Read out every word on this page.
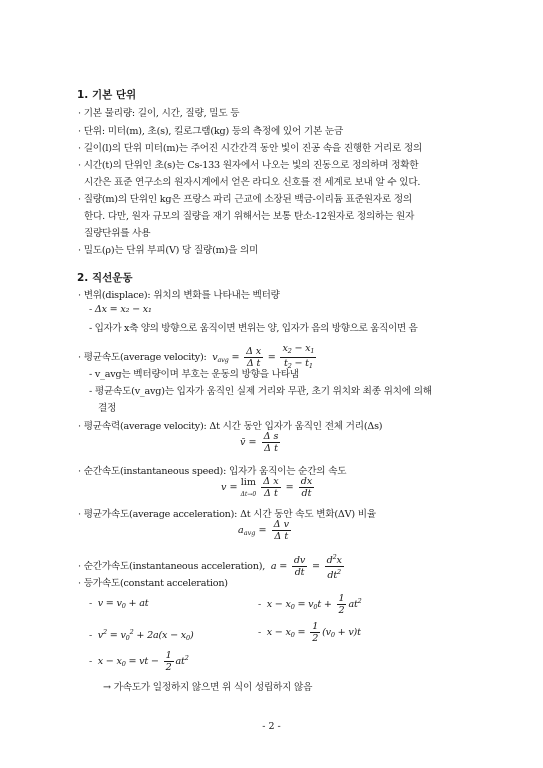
1. 기본 단위
· 기본 물리량: 길이, 시간, 질량, 밀도 등
· 단위: 미터(m), 초(s), 킬로그램(kg) 등의 측정에 있어 기본 눈금
· 길이(l)의 단위 미터(m)는 주어진 시간간격 동안 빛이 진공 속을 진행한 거리로 정의
· 시간(t)의 단위인 초(s)는 Cs-133 원자에서 나오는 빛의 진동으로 정의하며 정확한
시간은 표준 연구소의 원자시계에서 얻은 라디오 신호를 전 세계로 보내 알 수 있다.
· 질량(m)의 단위인 kg은 프랑스 파리 근교에 소장된 백금-이리듐 표준원자로 정의
한다. 다만, 원자 규모의 질량을 재기 위해서는 보통 탄소-12원자로 정의하는 원자
질량단위를 사용
· 밀도(ρ)는 단위 부피(V) 당 질량(m)을 의미
2. 직선운동
· 변위(displace): 위치의 변화를 나타내는 벡터량
- Δx = x₂ − x₁
- 입자가 x축 양의 방향으로 움직이면 변위는 양, 입자가 음의 방향으로 움직이면 음
· 평균속도(average velocity):  $v_{avg} = \frac{\text{Δ x}}{\text{Δ t}} = \frac{x_2 - x_1}{t_2 - t_1}$
- v_avg는 벡터량이며 부호는 운동의 방향을 나타냄
- 평균속도(v_avg)는 입자가 움직인 실제 거리와 무관, 초기 위치와 최종 위치에 의해
결정
· 평균속력(average velocity): Δt 시간 동안 입자가 움직인 전체 거리(Δs)
v̄ = $\frac{\text{Δ s}}{\text{Δ t}}$
· 순간속도(instantaneous speed): 입자가 움직이는 순간의 속도
v = lim
$\Delta t\to 0 \frac{\text{Δ x}}{\text{Δ t}} = \frac{dx}{dt}$
· 평균가속도(average acceleration): Δt 시간 동안 속도 변화(ΔV) 비율
$a_{avg} = \frac{\text{Δ v}}{\text{Δ t}}$
· 순간가속도(instantaneous acceleration),  $a = \frac{dv}{dt} = \frac{d^2x}{dt^2}$
· 등가속도(constant acceleration)
-  $v = v_0$ + at	-  $x - x_0 = v_0t + \frac{1}{2} at^2$
-  $v^2 = v_0^2 + 2a(x - x_0)$	-  $x - x_0 = \frac{1}{2} (v_0 + v)t$
-  $x - x_0$ = vt − $\frac{1}{2} at^2$
→ 가속도가 일정하지 않으면 위 식이 성립하지 않음
- 2 -
